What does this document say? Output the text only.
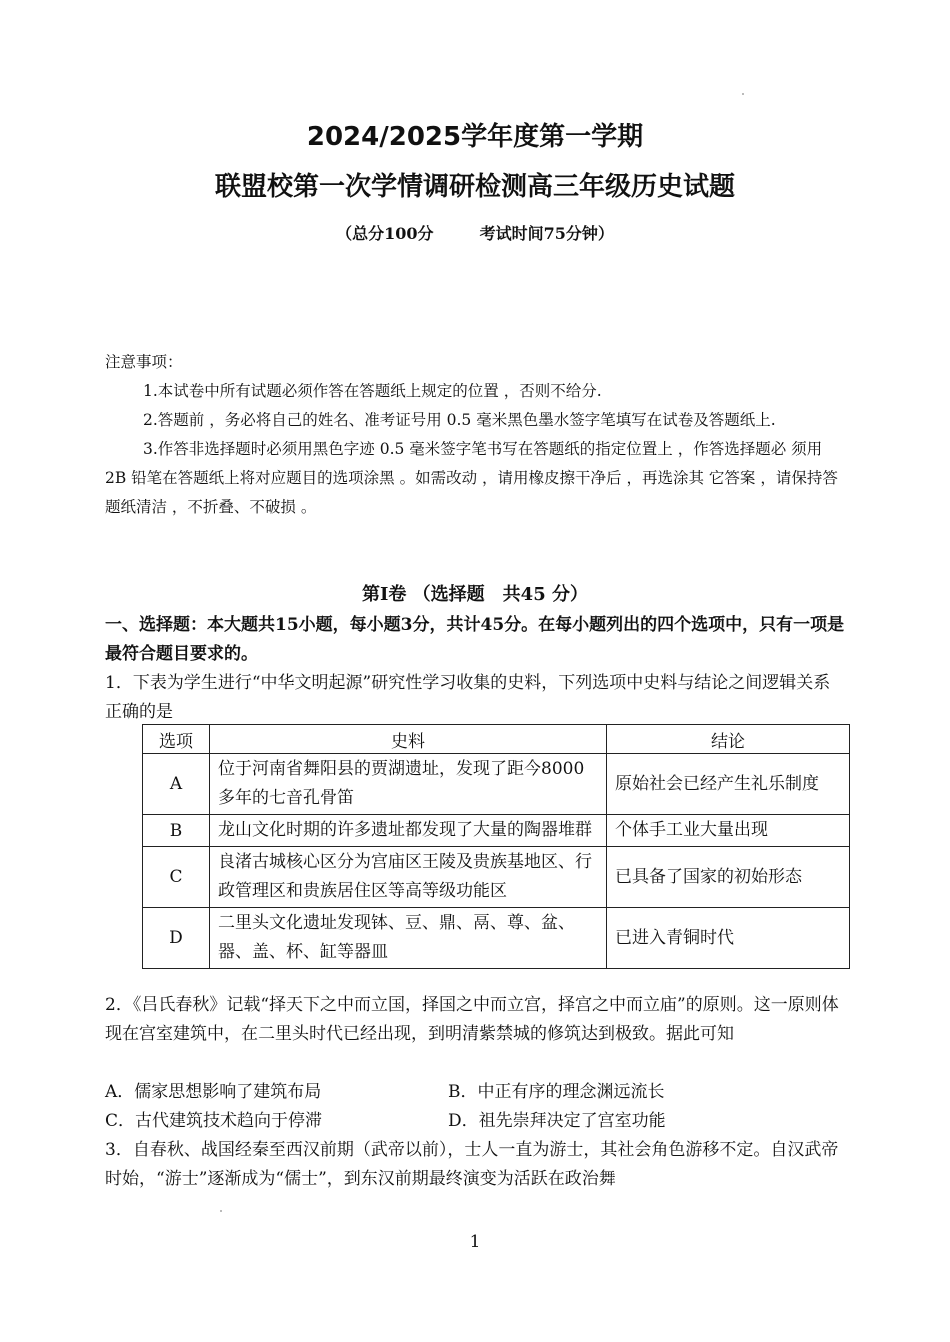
2024/2025学年度第一学期
联盟校第一次学情调研检测高三年级历史试题
（总分100分	考试时间75分钟）
注意事项：
1.本试卷中所有试题必须作答在答题纸上规定的位置 ，否则不给分.
2.答题前 ，务必将自己的姓名、准考证号用 0.5 毫米黑色墨水签字笔填写在试卷及答题纸上.
3.作答非选择题时必须用黑色字迹 0.5 毫米签字笔书写在答题纸的指定位置上 ，作答选择题必 须用 2B 铅笔在答题纸上将对应题目的选项涂黑 。如需改动 ，请用橡皮擦干净后 ，再选涂其 它答案 ，请保持答题纸清洁 ，不折叠、不破损 。
第Ⅰ卷 （选择题　共45 分）
一、选择题：本大题共15小题，每小题3分，共计45分。在每小题列出的四个选项中，只有一项是最符合题目要求的。
1．下表为学生进行“中华文明起源”研究性学习收集的史料，下列选项中史料与结论之间逻辑关系正确的是
选项	史料	结论
A	位于河南省舞阳县的贾湖遗址，发现了距今8000多年的七音孔骨笛	原始社会已经产生礼乐制度
B	龙山文化时期的许多遗址都发现了大量的陶器堆群	个体手工业大量出现
C	良渚古城核心区分为宫庙区王陵及贵族基地区、行政管理区和贵族居住区等高等级功能区	已具备了国家的初始形态
D	二里头文化遗址发现钵、豆、鼎、鬲、尊、盆、器、盖、杯、缸等器皿	已进入青铜时代
2．《吕氏春秋》记载“择天下之中而立国，择国之中而立宫，择宫之中而立庙”的原则。这一原则体现在宫室建筑中，在二里头时代已经出现，到明清紫禁城的修筑达到极致。据此可知
A．儒家思想影响了建筑布局	B．中正有序的理念渊远流长
C．古代建筑技术趋向于停滞	D．祖先崇拜决定了宫室功能
3．自春秋、战国经秦至西汉前期（武帝以前），士人一直为游士，其社会角色游移不定。自汉武帝时始，“游士”逐渐成为“儒士”，到东汉前期最终演变为活跃在政治舞
1
